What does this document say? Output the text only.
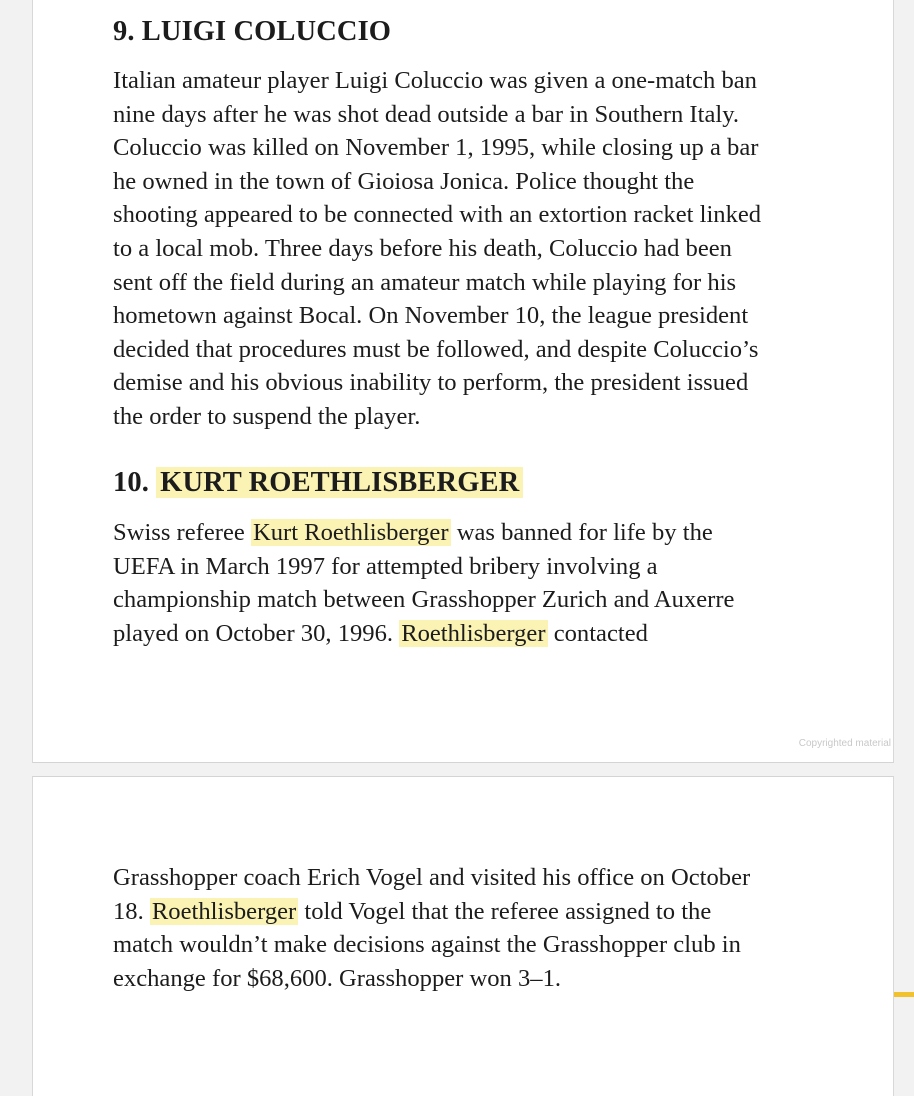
9. LUIGI COLUCCIO

Italian amateur player Luigi Coluccio was given a one-match ban
nine days after he was shot dead outside a bar in Southern Italy.
Coluccio was killed on November 1, 1995, while closing up a bar
he owned in the town of Gioiosa Jonica. Police thought the
shooting appeared to be connected with an extortion racket linked
to a local mob. Three days before his death, Coluccio had been
sent off the field during an amateur match while playing for his
hometown against Bocal. On November 10, the league president
decided that procedures must be followed, and despite Coluccio’s
demise and his obvious inability to perform, the president issued
the order to suspend the player.

10. KURT ROETHLISBERGER

Swiss referee Kurt Roethlisberger was banned for life by the
UEFA in March 1997 for attempted bribery involving a
championship match between Grasshopper Zurich and Auxerre
played on October 30, 1996. Roethlisberger contacted

Copyrighted material

Grasshopper coach Erich Vogel and visited his office on October
18. Roethlisberger told Vogel that the referee assigned to the
match wouldn’t make decisions against the Grasshopper club in
exchange for $68,600. Grasshopper won 3–1.
